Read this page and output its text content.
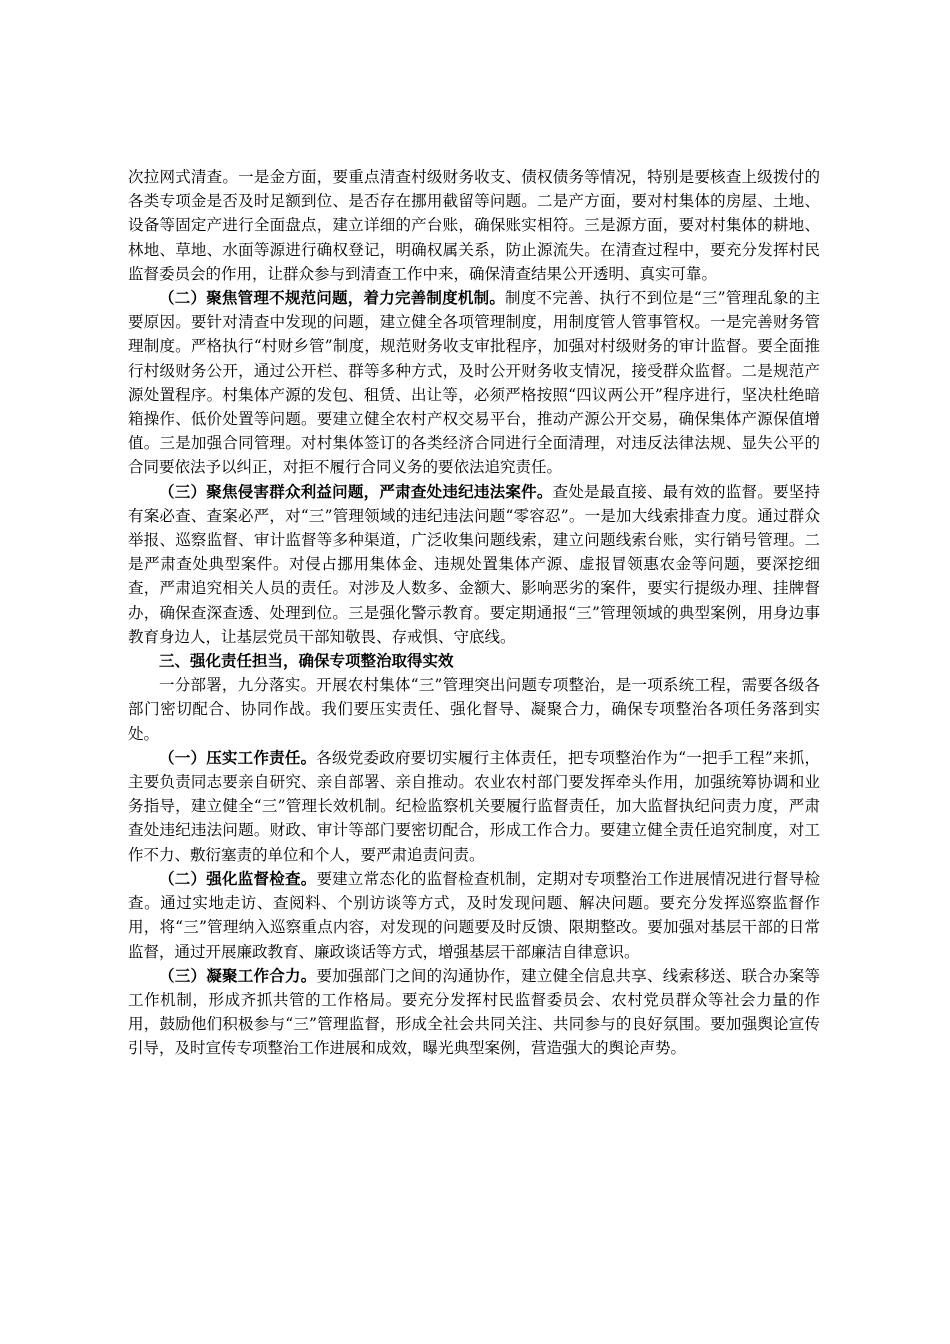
次拉网式清查。一是金方面，要重点清查村级财务收支、债权债务等情况，特别是要核查上级拨付的各类专项金是否及时足额到位、是否存在挪用截留等问题。二是产方面，要对村集体的房屋、土地、设备等固定产进行全面盘点，建立详细的产台账，确保账实相符。三是源方面，要对村集体的耕地、林地、草地、水面等源进行确权登记，明确权属关系，防止源流失。在清查过程中，要充分发挥村民监督委员会的作用，让群众参与到清查工作中来，确保清查结果公开透明、真实可靠。

（二）聚焦管理不规范问题，着力完善制度机制。制度不完善、执行不到位是“三”管理乱象的主要原因。要针对清查中发现的问题，建立健全各项管理制度，用制度管人管事管权。一是完善财务管理制度。严格执行“村财乡管”制度，规范财务收支审批程序，加强对村级财务的审计监督。要全面推行村级财务公开，通过公开栏、群等多种方式，及时公开财务收支情况，接受群众监督。二是规范产源处置程序。村集体产源的发包、租赁、出让等，必须严格按照“四议两公开”程序进行，坚决杜绝暗箱操作、低价处置等问题。要建立健全农村产权交易平台，推动产源公开交易，确保集体产源保值增值。三是加强合同管理。对村集体签订的各类经济合同进行全面清理，对违反法律法规、显失公平的合同要依法予以纠正，对拒不履行合同义务的要依法追究责任。

（三）聚焦侵害群众利益问题，严肃查处违纪违法案件。查处是最直接、最有效的监督。要坚持有案必查、查案必严，对“三”管理领域的违纪违法问题“零容忍”。一是加大线索排查力度。通过群众举报、巡察监督、审计监督等多种渠道，广泛收集问题线索，建立问题线索台账，实行销号管理。二是严肃查处典型案件。对侵占挪用集体金、违规处置集体产源、虚报冒领惠农金等问题，要深挖细查，严肃追究相关人员的责任。对涉及人数多、金额大、影响恶劣的案件，要实行提级办理、挂牌督办，确保查深查透、处理到位。三是强化警示教育。要定期通报“三”管理领域的典型案例，用身边事教育身边人，让基层党员干部知敬畏、存戒惧、守底线。

三、强化责任担当，确保专项整治取得实效

一分部署，九分落实。开展农村集体“三”管理突出问题专项整治，是一项系统工程，需要各级各部门密切配合、协同作战。我们要压实责任、强化督导、凝聚合力，确保专项整治各项任务落到实处。

（一）压实工作责任。各级党委政府要切实履行主体责任，把专项整治作为“一把手工程”来抓，主要负责同志要亲自研究、亲自部署、亲自推动。农业农村部门要发挥牵头作用，加强统筹协调和业务指导，建立健全“三”管理长效机制。纪检监察机关要履行监督责任，加大监督执纪问责力度，严肃查处违纪违法问题。财政、审计等部门要密切配合，形成工作合力。要建立健全责任追究制度，对工作不力、敷衍塞责的单位和个人，要严肃追责问责。

（二）强化监督检查。要建立常态化的监督检查机制，定期对专项整治工作进展情况进行督导检查。通过实地走访、查阅料、个别访谈等方式，及时发现问题、解决问题。要充分发挥巡察监督作用，将“三”管理纳入巡察重点内容，对发现的问题要及时反馈、限期整改。要加强对基层干部的日常监督，通过开展廉政教育、廉政谈话等方式，增强基层干部廉洁自律意识。

（三）凝聚工作合力。要加强部门之间的沟通协作，建立健全信息共享、线索移送、联合办案等工作机制，形成齐抓共管的工作格局。要充分发挥村民监督委员会、农村党员群众等社会力量的作用，鼓励他们积极参与“三”管理监督，形成全社会共同关注、共同参与的良好氛围。要加强舆论宣传引导，及时宣传专项整治工作进展和成效，曝光典型案例，营造强大的舆论声势。
